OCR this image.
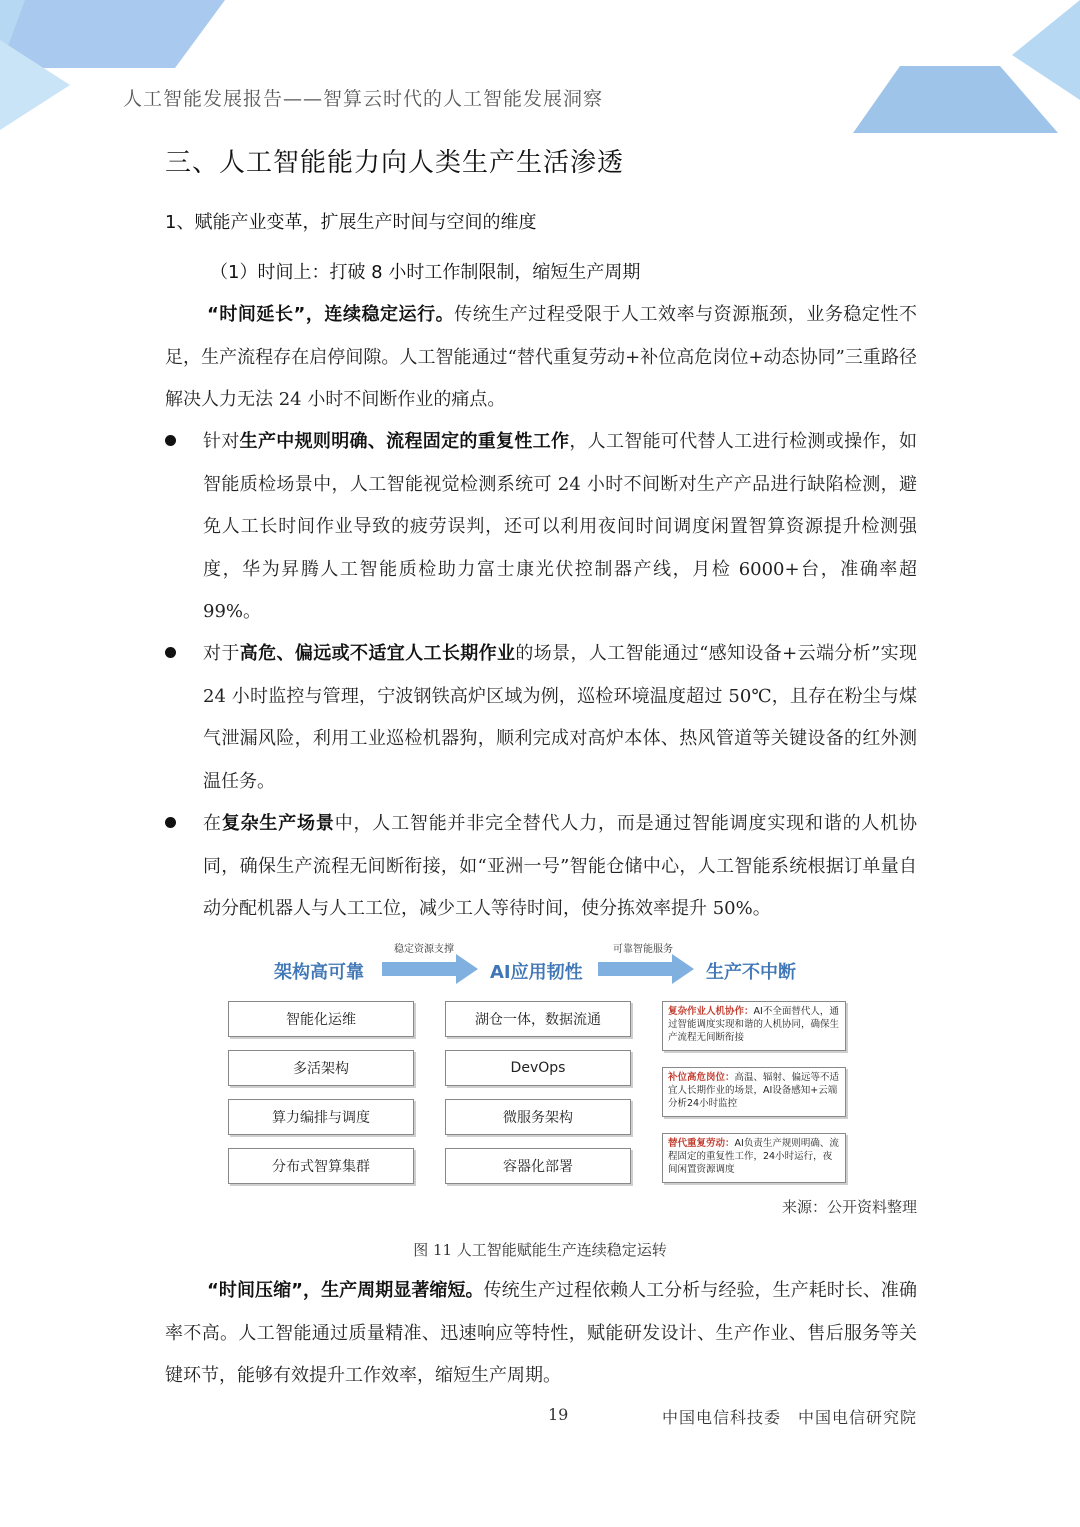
人工智能发展报告——智算云时代的人工智能发展洞察
三、人工智能能力向人类生产生活渗透
1、赋能产业变革，扩展生产时间与空间的维度
（1）时间上：打破 8 小时工作制限制，缩短生产周期

“时间延长”，连续稳定运行。传统生产过程受限于人工效率与资源瓶颈，业务稳定性不足，生产流程存在启停间隙。人工智能通过“替代重复劳动+补位高危岗位+动态协同”三重路径解决人力无法 24 小时不间断作业的痛点。

针对生产中规则明确、流程固定的重复性工作，人工智能可代替人工进行检测或操作，如智能质检场景中，人工智能视觉检测系统可 24 小时不间断对生产产品进行缺陷检测，避免人工长时间作业导致的疲劳误判，还可以利用夜间时间调度闲置智算资源提升检测强度，华为昇腾人工智能质检助力富士康光伏控制器产线，月检 6000+台，准确率超 99%。
对于高危、偏远或不适宜人工长期作业的场景，人工智能通过“感知设备+云端分析”实现 24 小时监控与管理，宁波钢铁高炉区域为例，巡检环境温度超过 50℃，且存在粉尘与煤气泄漏风险，利用工业巡检机器狗，顺利完成对高炉本体、热风管道等关键设备的红外测温任务。
在复杂生产场景中，人工智能并非完全替代人力，而是通过智能调度实现和谐的人机协同，确保生产流程无间断衔接，如“亚洲一号”智能仓储中心，人工智能系统根据订单量自动分配机器人与人工工位，减少工人等待时间，使分拣效率提升 50%。
架构高可靠	AI应用韧性	生产不中断
稳定资源支撑	可靠智能服务
智能化运维
多活架构
算力编排与调度
分布式智算集群
湖仓一体，数据流通
DevOps
微服务架构
容器化部署
复杂作业人机协作：AI不全面替代人，通过智能调度实现和谐的人机协同，确保生产流程无间断衔接
补位高危岗位：高温、辐射、偏远等不适宜人长期作业的场景，AI设备感知+云端分析24小时监控
替代重复劳动：AI负责生产规则明确、流程固定的重复性工作，24小时运行，夜间闲置资源调度
来源：公开资料整理
图 11 人工智能赋能生产连续稳定运转

“时间压缩”，生产周期显著缩短。传统生产过程依赖人工分析与经验，生产耗时长、准确率不高。人工智能通过质量精准、迅速响应等特性，赋能研发设计、生产作业、售后服务等关键环节，能够有效提升工作效率，缩短生产周期。

19	中国电信科技委　中国电信研究院
